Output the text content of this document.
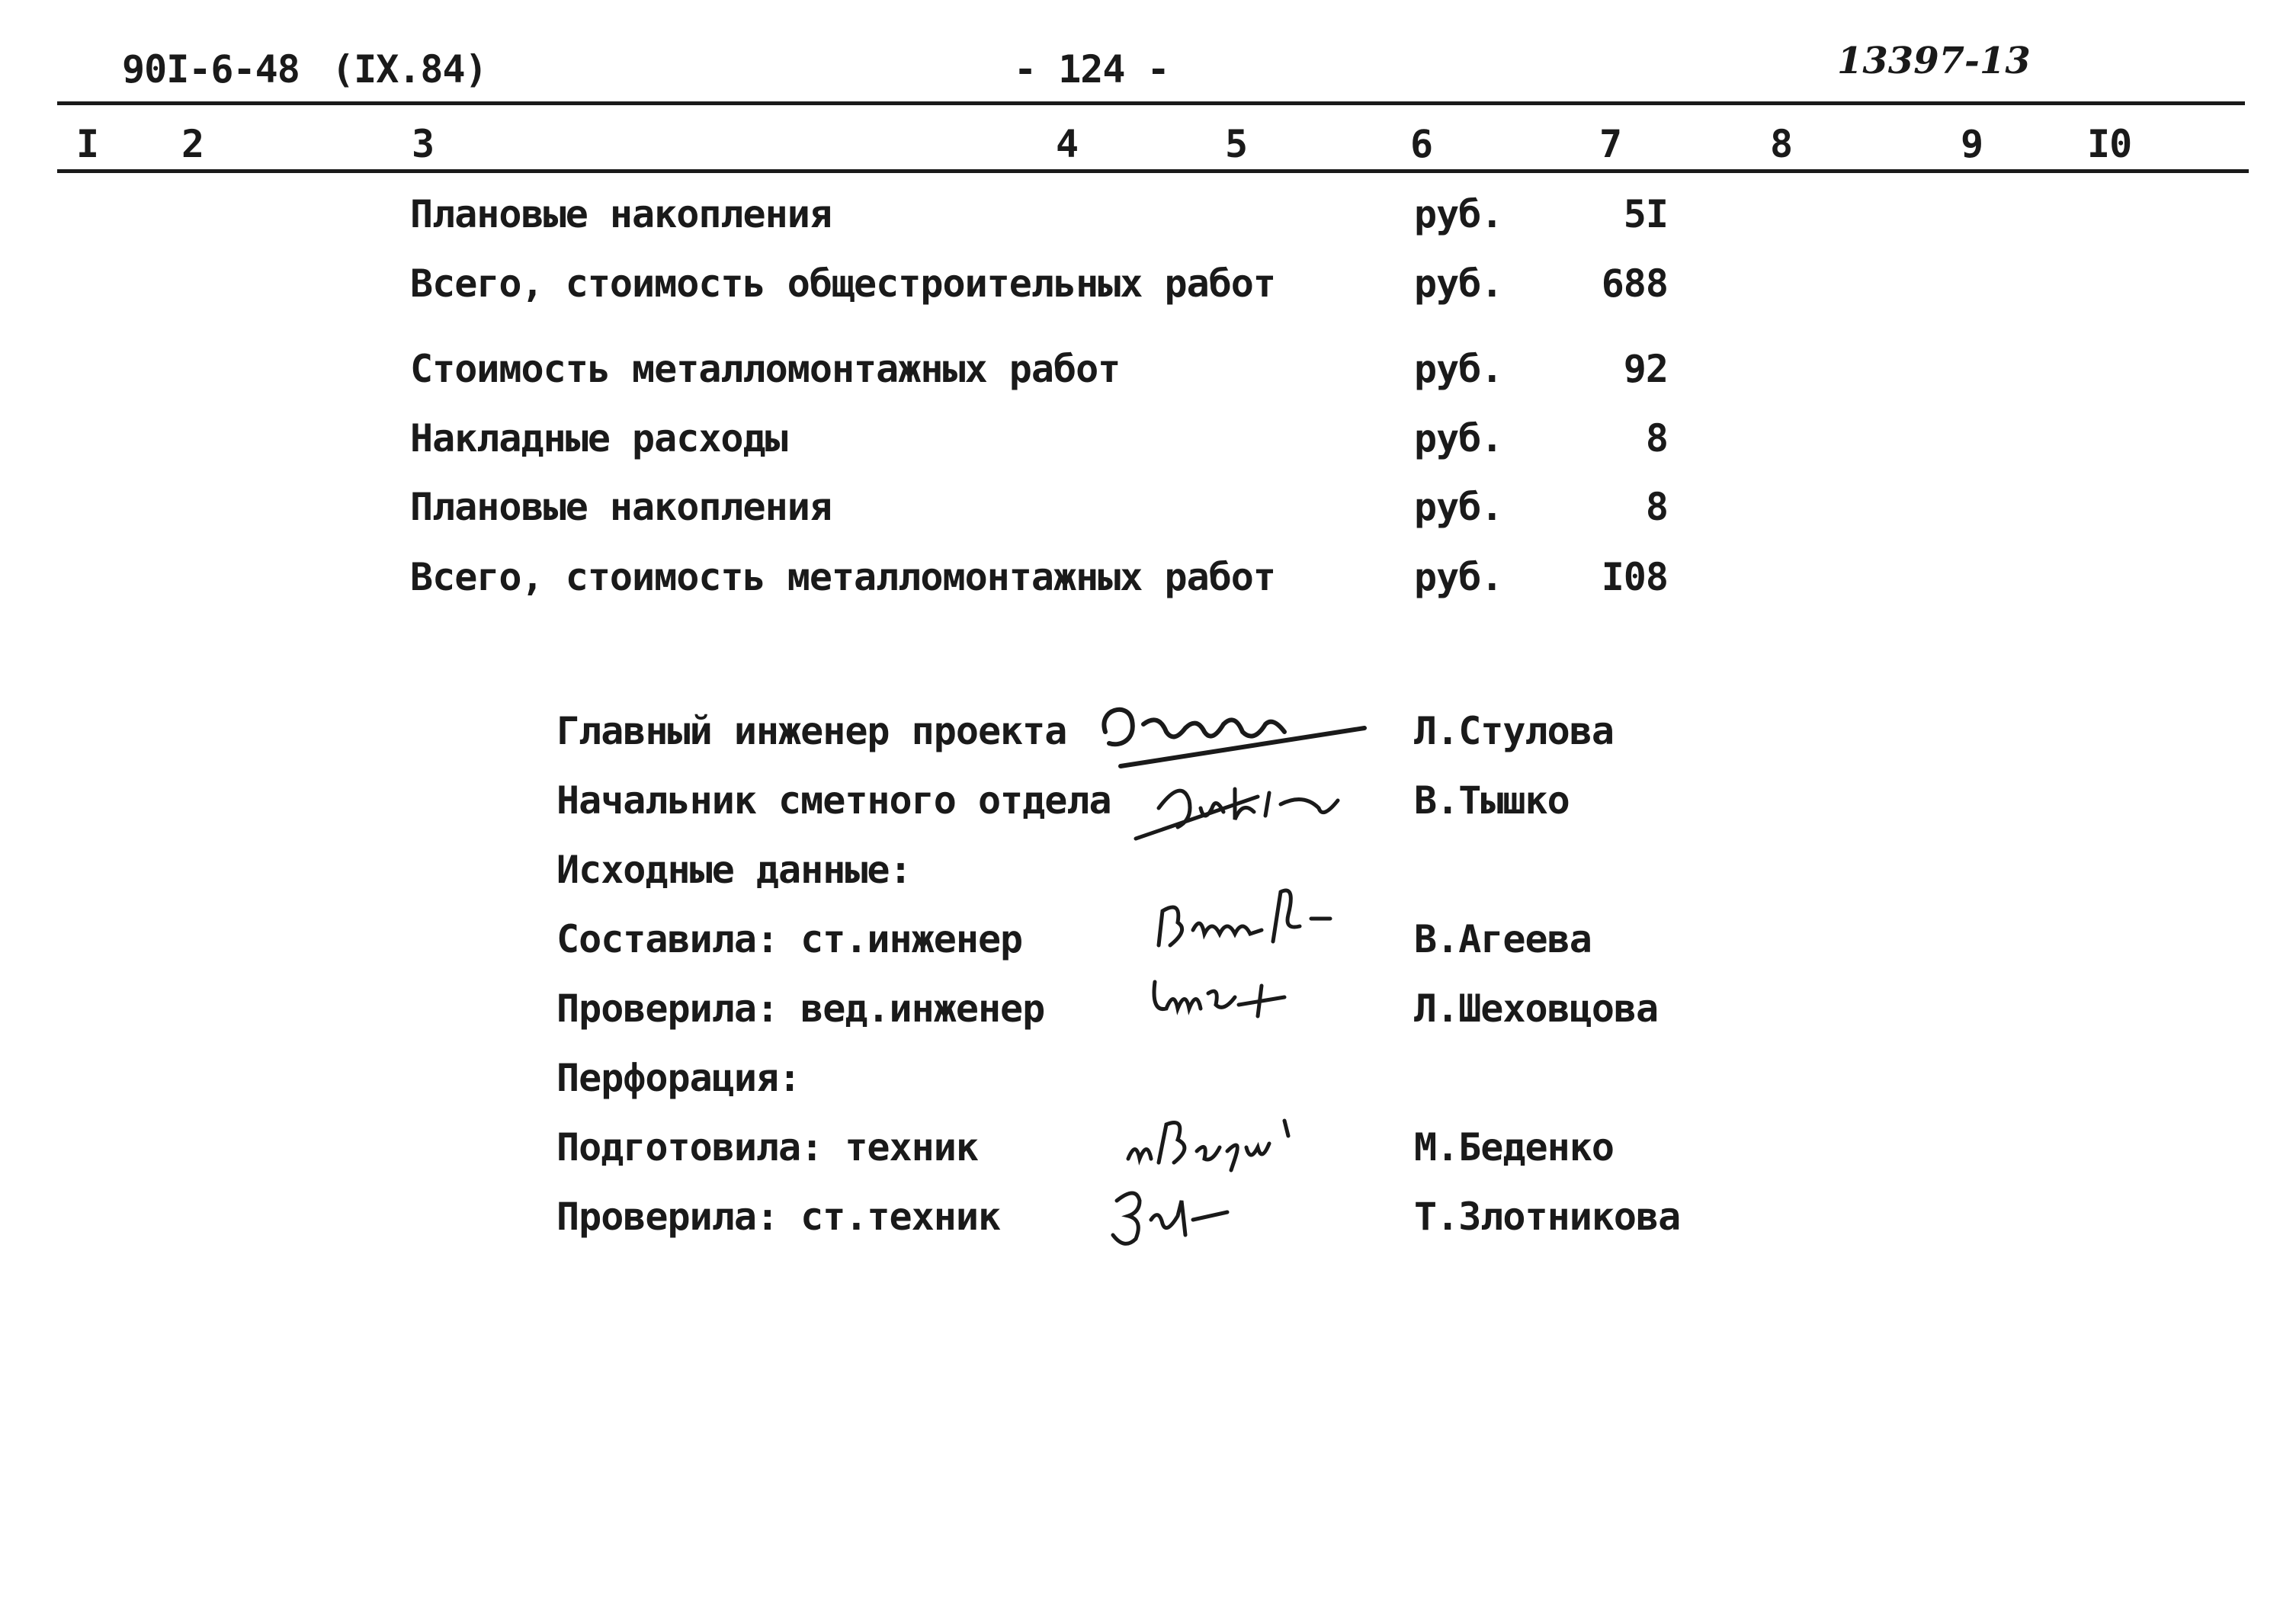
90I-6-48 (IX.84)	- 124 -	13397-13
I 2	3	4	5	6	7	8	9	I0
Плановые накопления	руб.	5I
Всего, стоимость общестроительных работ	руб.	688
Стоимость металломонтажных работ	руб.	92
Накладные расходы	руб.	8
Плановые накопления	руб.	8
Всего, стоимость металломонтажных работ	руб.	I08
Главный инженер проекта	Л.Стулова
Начальник сметного отдела	В.Тышко
Исходные данные:
Составила: ст.инженер	В.Агеева
Проверила: вед.инженер	Л.Шеховцова
Перфорация:
Подготовила: техник	М.Беденко
Проверила: ст.техник	Т.Злотникова
